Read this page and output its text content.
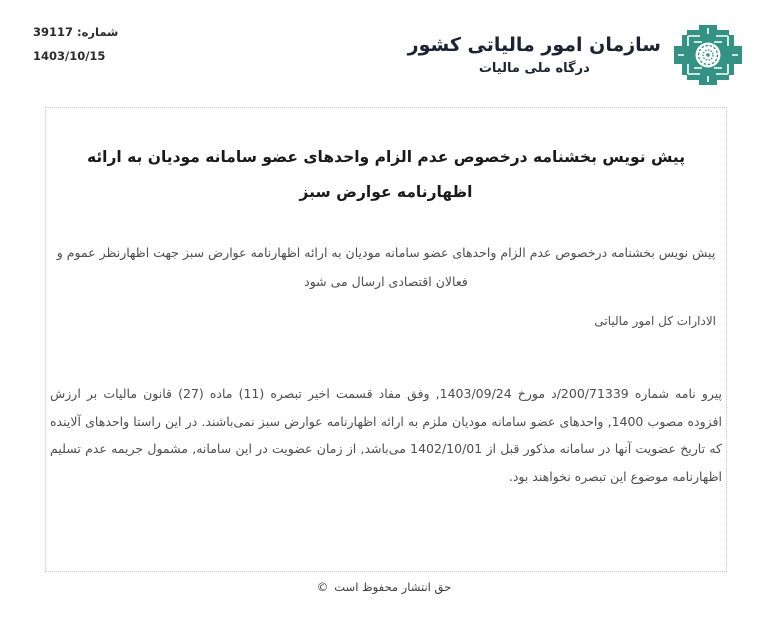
شماره: 39117
1403/10/15
سازمان امور مالیاتی کشور
درگاه ملی مالیات
پیش نویس بخشنامه درخصوص عدم الزام واحدهای عضو سامانه مودیان به ارائه اظهارنامه عوارض سبز
پیش نویس بخشنامه درخصوص عدم الزام واحدهای عضو سامانه مودیان به ارائه اظهارنامه عوارض سبز جهت اظهارنظر عموم و فعالان اقتصادی ارسال می شود
الادارات کل امور مالیاتی
پیرو نامه شماره 200/71339/د مورخ 1403/09/24, وفق مفاد قسمت اخیر تبصره (11) ماده (27) قانون مالیات بر ارزش افزوده مصوب 1400, واحدهای عضو سامانه مودیان ملزم به ارائه اظهارنامه عوارض سبز نمی‌باشند. در این راستا واحدهای آلاینده که تاریخ عضویت آنها در سامانه مذکور قبل از 1402/10/01 می‌باشد, از زمان عضویت در این سامانه, مشمول جریمه عدم تسلیم اظهارنامه موضوع این تبصره نخواهند بود.
© حق انتشار محفوظ است
